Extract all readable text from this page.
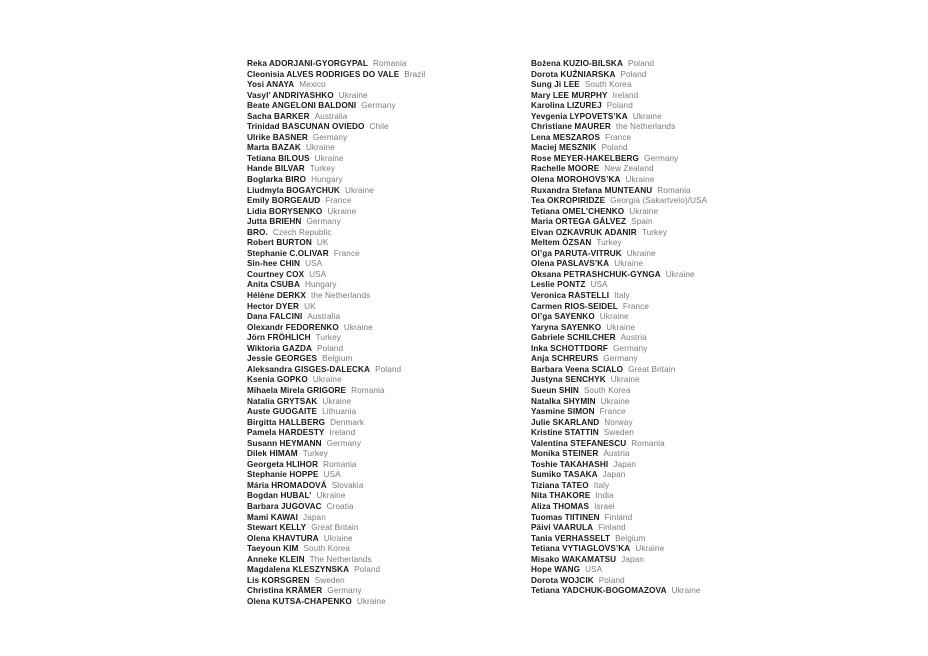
Reka ADORJANI-GYORGYPAL Romania
Cleonisia ALVES RODRIGES DO VALE Brazil
Yosi ANAYA Mexico
Vasyl’ ANDRIYASHKO Ukraine
Beate ANGELONI BALDONI Germany
Sacha BARKER Australia
Trinidad BASCUNAN OVIEDO Chile
Ulrike BASNER Germany
Marta BAZAK Ukraine
Tetiana BILOUS Ukraine
Hande BILVAR Turkey
Boglarka BIRO Hungary
Liudmyla BOGAYCHUK Ukraine
Emily BORGEAUD France
Lidia BORYSENKO Ukraine
Jutta BRIEHN Germany
BRO. Czech Republic
Robert BURTON UK
Stephanie C.OLIVAR France
Sin-hee CHIN USA
Courtney COX USA
Anita CSUBA Hungary
Hélène DERKX the Netherlands
Hector DYER UK
Dana FALCINI Australia
Olexandr FEDORENKO Ukraine
Jörn FRÖHLICH Turkey
Wiktoria GAZDA Poland
Jessie GEORGES Belgium
Aleksandra GISGES-DALECKA Poland
Ksenia GOPKO Ukraine
Mihaela Mirela GRIGORE Romania
Natalia GRYTSAK Ukraine
Auste GUOGAITE Lithuania
Birgitta HALLBERG Denmark
Pamela HARDESTY Ireland
Susann HEYMANN Germany
Dilek HIMAM Turkey
Georgeta HLIHOR Romania
Stephanie HOPPE USA
Mária HROMADOVÁ Slovakia
Bogdan HUBAL’ Ukraine
Barbara JUGOVAC Croatia
Mami KAWAI Japan
Stewart KELLY Great Britain
Olena KHAVTURA Ukraine
Taeyoun KIM South Korea
Anneke KLEIN The Netherlands
Magdalena KLESZYNSKA Poland
Lis KORSGREN Sweden
Christina KRÄMER Germany
Olena KUTSA-CHAPENKO Ukraine
Bożena KUZIO-BILSKA Poland
Dorota KUŹNIARSKA Poland
Sung Ji LEE South Korea
Mary LEE MURPHY Ireland
Karolina LIZUREJ Poland
Yevgenia LYPOVETS’KA Ukraine
Christiane MAURER the Netherlands
Lena MESZAROS France
Maciej MESZNIK Poland
Rose MEYER-HAKELBERG Germany
Rachelle MOORE New Zealand
Olena MOROHOVS’KA Ukraine
Ruxandra Stefana MUNTEANU Romania
Tea OKROPIRIDZE Georgia (Sakartvelo)/USA
Tetiana OMEL’CHENKO Ukraine
Maria ORTEGA GÁLVEZ Spain
Elvan OZKAVRUK ADANIR Turkey
Meltem ÖZSAN Turkey
Ol’ga PARUTA-VITRUK Ukraine
Olena PASLAVS’KA Ukraine
Oksana PETRASHCHUK-GYNGA Ukraine
Leslie PONTZ USA
Veronica RASTELLI Italy
Carmen RIOS-SEIDEL France
Ol’ga SAYENKO Ukraine
Yaryna SAYENKO Ukraine
Gabriele SCHILCHER Austria
Inka SCHOTTDORF Germany
Anja SCHREURS Germany
Barbara Veena SCIALO Great Britain
Justyna SENCHYK Ukraine
Sueun SHIN South Korea
Natalka SHYMIN Ukraine
Yasmine SIMON France
Julie SKARLAND Norway
Kristine STATTIN Sweden
Valentina STEFANESCU Romania
Monika STEINER Austria
Toshie TAKAHASHI Japan
Sumiko TASAKA Japan
Tiziana TATEO Italy
Nita THAKORE India
Aliza THOMAS Israel
Tuomas TIITINEN Finland
Päivi VAARULA Finland
Tania VERHASSELT Belgium
Tetiana VYTIAGLOVS’KA Ukraine
Misako WAKAMATSU Japan
Hope WANG USA
Dorota WOJCIK Poland
Tetiana YADCHUK-BOGOMAZOVA Ukraine
